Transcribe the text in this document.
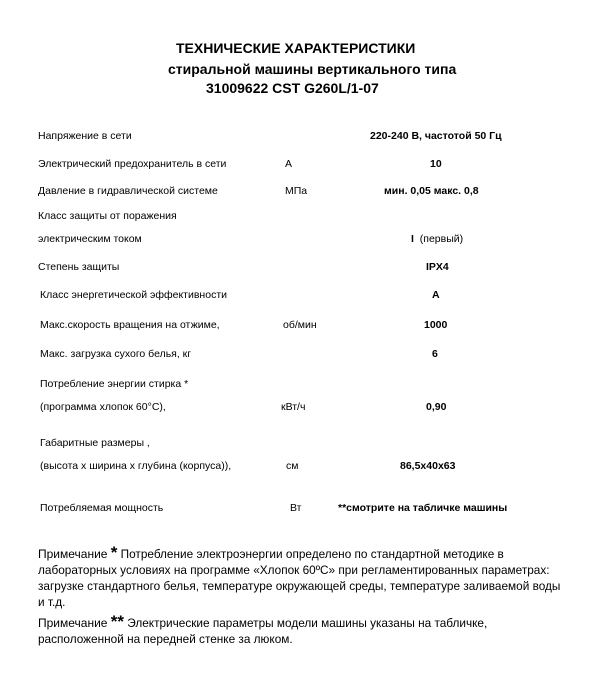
ТЕХНИЧЕСКИЕ ХАРАКТЕРИСТИКИ
стиральной машины вертикального типа
31009622 CST G260L/1-07
Напряжение в сети	220-240 В, частотой 50 Гц
Электрический предохранитель в сети	А	10
Давление в гидравлической системе	МПа	мин. 0,05 макс. 0,8
Класс защиты от поражения
электрическим током	I  (первый)
Степень защиты	IPX4
Класс энергетической эффективности	A
Макс.скорость вращения на отжиме,	об/мин	1000
Макс. загрузка сухого белья, кг	6
Потребление энергии стирка *
(программа хлопок 60°С),	кВт/ч	0,90
Габаритные размеры ,
(высота х ширина х глубина (корпуса)),	см	86,5х40х63
Потребляемая мощность	Вт	**смотрите на табличке машины
Примечание * Потребление электроэнергии определено по стандартной методике в лабораторных условиях на программе «Хлопок 60ºС» при регламентированных параметрах: загрузке стандартного белья, температуре окружающей среды, температуре заливаемой воды и т.д.
Примечание ** Электрические параметры модели машины указаны на табличке, расположенной на передней стенке за люком.
